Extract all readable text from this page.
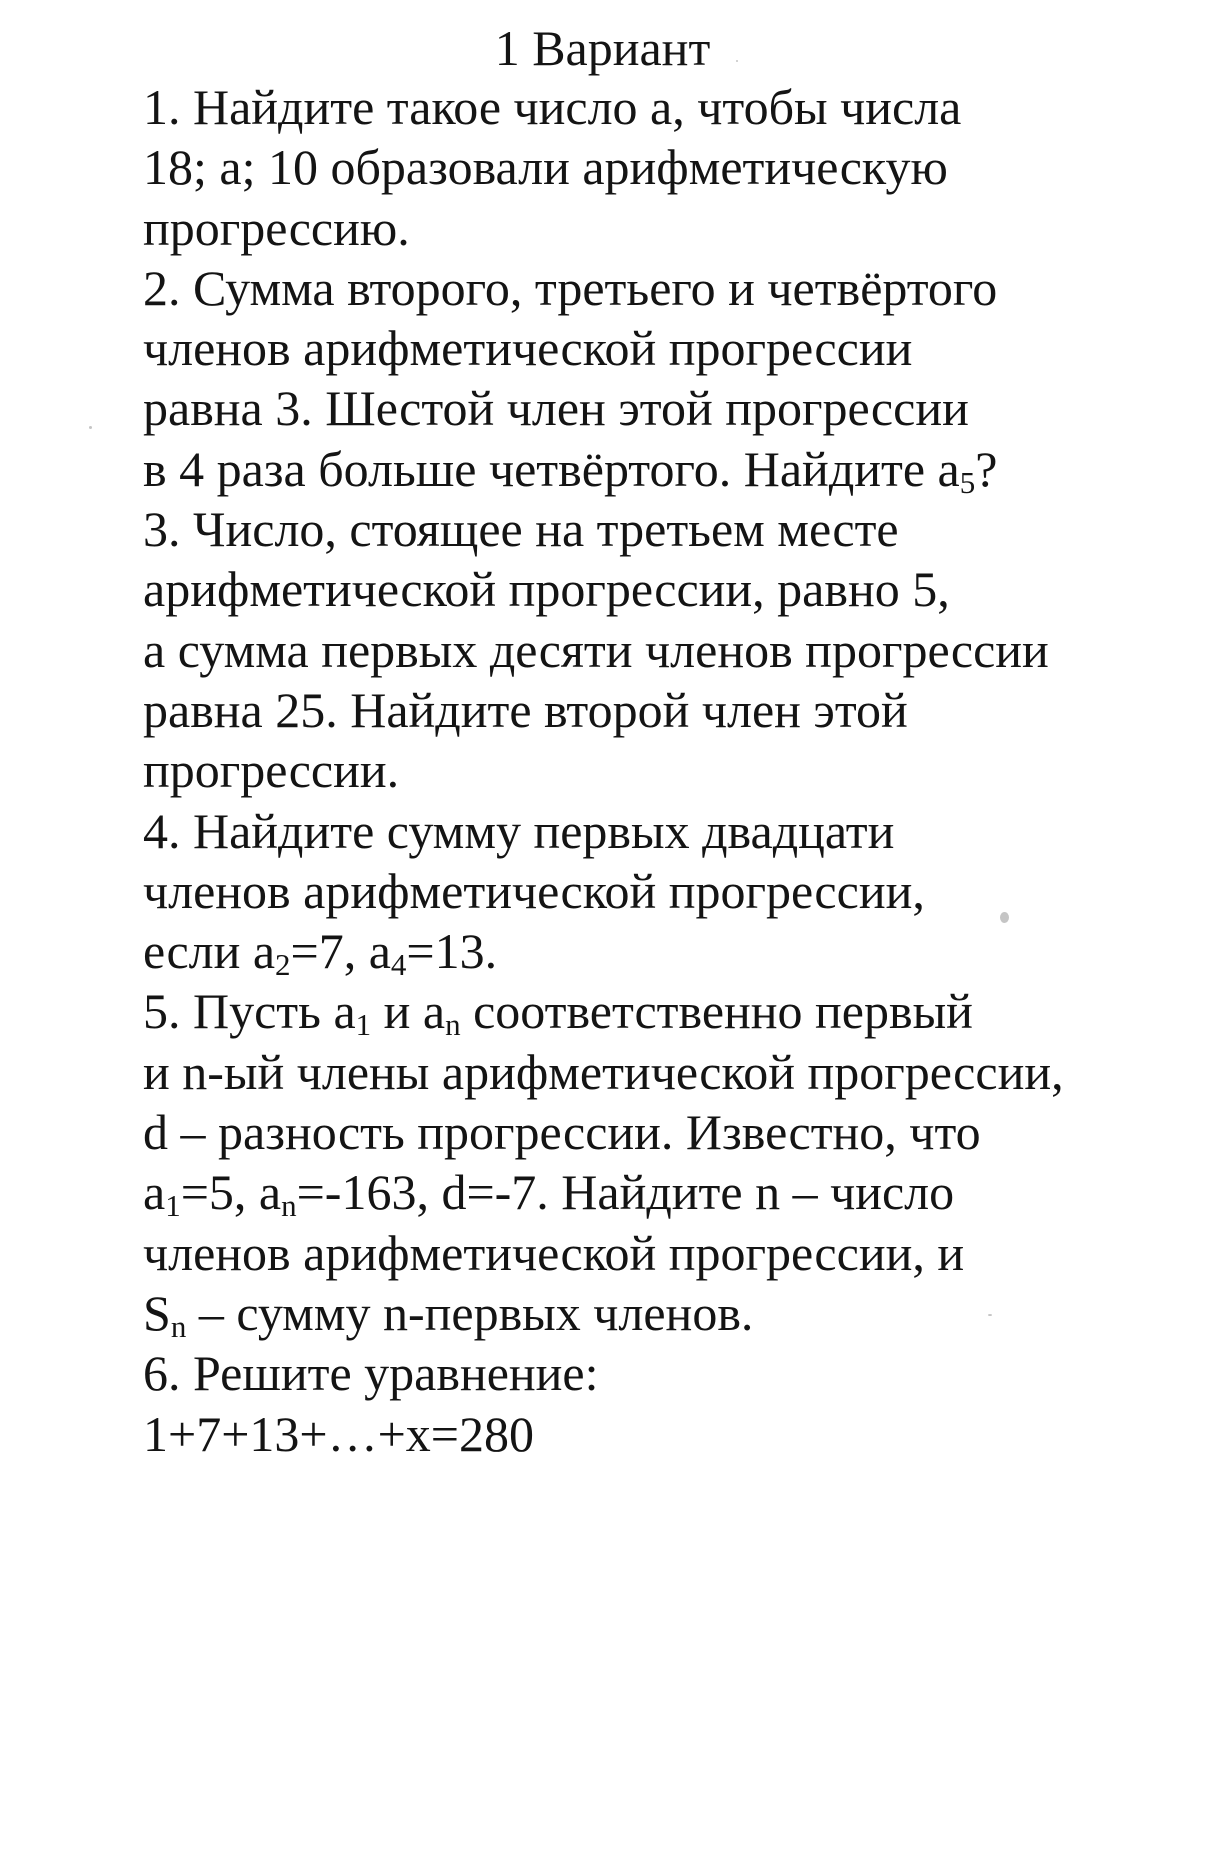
1 Вариант
1. Найдите такое число а, чтобы числа
18; а; 10 образовали арифметическую
прогрессию.
2. Сумма второго, третьего и четвёртого
членов арифметической прогрессии
равна 3. Шестой член этой прогрессии
в 4 раза больше четвёртого. Найдите $а_5$?
3. Число, стоящее на третьем месте
арифметической прогрессии, равно 5,
а сумма первых десяти членов прогрессии
равна 25. Найдите второй член этой
прогрессии.
4. Найдите сумму первых двадцати
членов арифметической прогрессии,
если $а_2=7$, $а_4=13$.
5. Пусть $а_1$ и $а_n$ соответственно первый
и n-ый члены арифметической прогрессии,
d – разность прогрессии. Известно, что
$а_1=5$, $а_n=-163$, d=-7. Найдите n – число
членов арифметической прогрессии, и
$S_n$ – сумму n-первых членов.
6. Решите уравнение:
1+7+13+…+x=280
